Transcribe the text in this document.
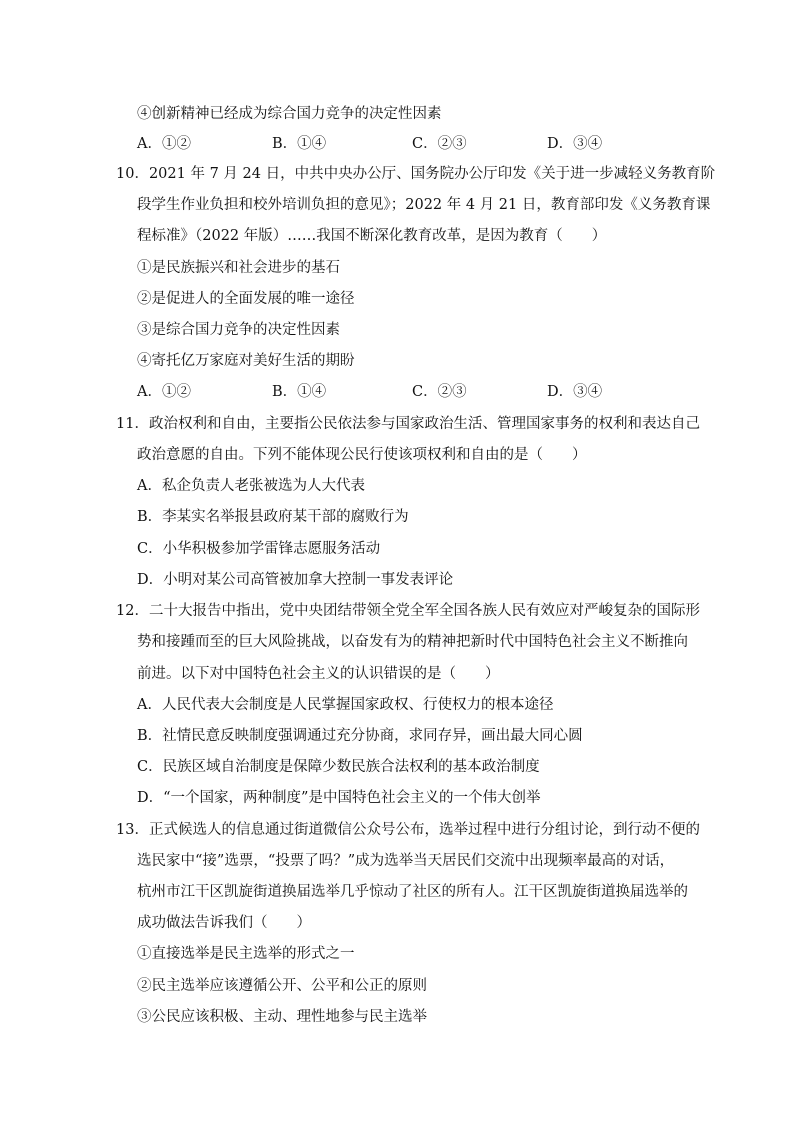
④创新精神已经成为综合国力竞争的决定性因素
A．①②	B．①④	C．②③	D．③④
10．2021 年 7 月 24 日，中共中央办公厅、国务院办公厅印发《关于进一步减轻义务教育阶
段学生作业负担和校外培训负担的意见》；2022 年 4 月 21 日，教育部印发《义务教育课
程标准》（2022 年版）……我国不断深化教育改革，是因为教育（　　）
①是民族振兴和社会进步的基石
②是促进人的全面发展的唯一途径
③是综合国力竞争的决定性因素
④寄托亿万家庭对美好生活的期盼
A．①②	B．①④	C．②③	D．③④
11．政治权利和自由，主要指公民依法参与国家政治生活、管理国家事务的权利和表达自己
政治意愿的自由。下列不能体现公民行使该项权利和自由的是（　　）
A．私企负责人老张被选为人大代表
B．李某实名举报县政府某干部的腐败行为
C．小华积极参加学雷锋志愿服务活动
D．小明对某公司高管被加拿大控制一事发表评论
12．二十大报告中指出，党中央团结带领全党全军全国各族人民有效应对严峻复杂的国际形
势和接踵而至的巨大风险挑战，以奋发有为的精神把新时代中国特色社会主义不断推向
前进。以下对中国特色社会主义的认识错误的是（　　）
A．人民代表大会制度是人民掌握国家政权、行使权力的根本途径
B．社情民意反映制度强调通过充分协商，求同存异，画出最大同心圆
C．民族区域自治制度是保障少数民族合法权利的基本政治制度
D．“一个国家，两种制度”是中国特色社会主义的一个伟大创举
13．正式候选人的信息通过街道微信公众号公布，选举过程中进行分组讨论，到行动不便的
选民家中“接”选票，“投票了吗？”成为选举当天居民们交流中出现频率最高的对话，
杭州市江干区凯旋街道换届选举几乎惊动了社区的所有人。江干区凯旋街道换届选举的
成功做法告诉我们（　　）
①直接选举是民主选举的形式之一
②民主选举应该遵循公开、公平和公正的原则
③公民应该积极、主动、理性地参与民主选举
